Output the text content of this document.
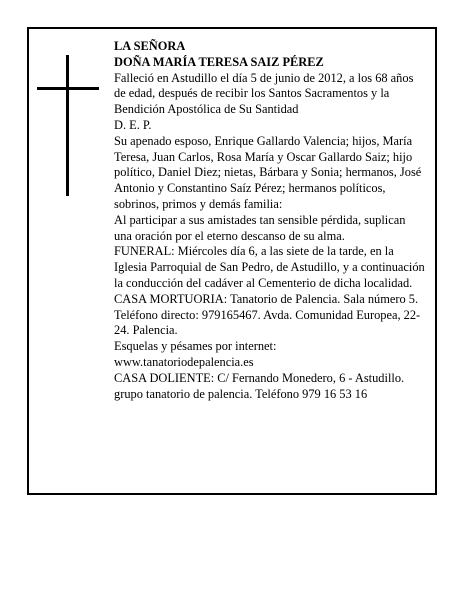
LA SEÑORA

DOÑA MARÍA TERESA SAIZ PÉREZ

Falleció en Astudillo el día 5 de junio de 2012, a los 68 años de edad, después de recibir los Santos Sacramentos y la Bendición Apostólica de Su Santidad

D. E. P.

Su apenado esposo, Enrique Gallardo Valencia; hijos, María Teresa, Juan Carlos, Rosa María y Oscar Gallardo Saiz; hijo político, Daniel Diez; nietas, Bárbara y Sonia; hermanos, José Antonio y Constantino Saíz Pérez; hermanos políticos, sobrinos, primos y demás familia:

Al participar a sus amistades tan sensible pérdida, suplican una oración por el eterno descanso de su alma.

FUNERAL: Miércoles día 6, a las siete de la tarde, en la Iglesia Parroquial de San Pedro, de Astudillo, y a continuación la conducción del cadáver al Cementerio de dicha localidad.

CASA MORTUORIA: Tanatorio de Palencia. Sala número 5. Teléfono directo: 979165467. Avda. Comunidad Europea, 22-24. Palencia.

Esquelas y pésames por internet:
www.tanatoriodepalencia.es

CASA DOLIENTE: C/ Fernando Monedero, 6 - Astudillo.

grupo tanatorio de palencia. Teléfono 979 16 53 16
